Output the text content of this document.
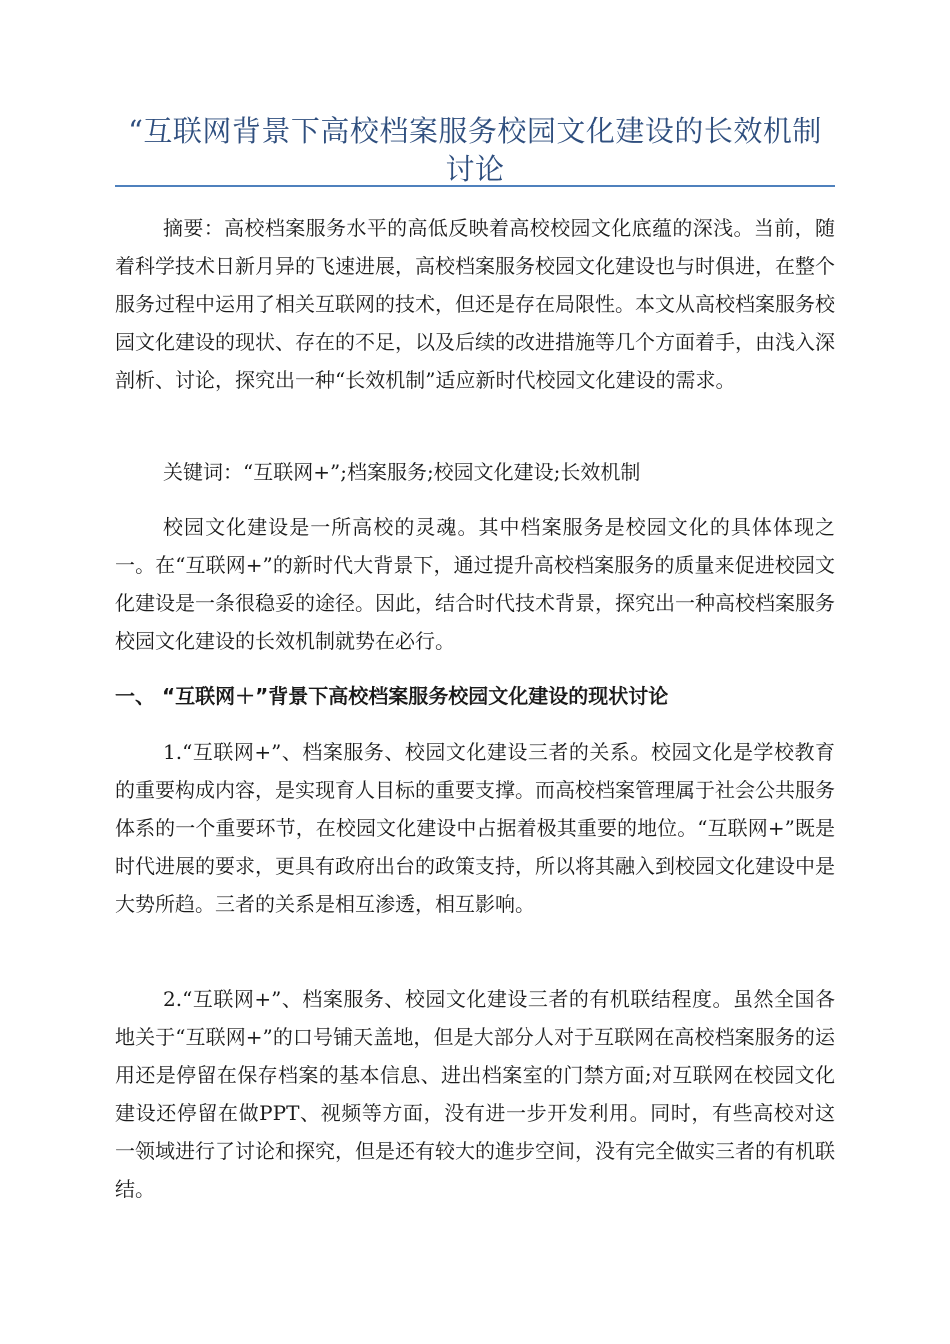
“互联网背景下高校档案服务校园文化建设的长效机制讨论

摘要：高校档案服务水平的高低反映着高校校园文化底蕴的深浅。当前，随着科学技术日新月异的飞速进展，高校档案服务校园文化建设也与时俱进，在整个服务过程中运用了相关互联网的技术，但还是存在局限性。本文从高校档案服务校园文化建设的现状、存在的不足，以及后续的改进措施等几个方面着手，由浅入深剖析、讨论，探究出一种“长效机制”适应新时代校园文化建设的需求。

关键词：“互联网+”;档案服务;校园文化建设;长效机制

校园文化建设是一所高校的灵魂。其中档案服务是校园文化的具体体现之一。在“互联网+”的新时代大背景下，通过提升高校档案服务的质量来促进校园文化建设是一条很稳妥的途径。因此，结合时代技术背景，探究出一种高校档案服务校园文化建设的长效机制就势在必行。

一、 “互联网＋”背景下高校档案服务校园文化建设的现状讨论

1.“互联网+”、档案服务、校园文化建设三者的关系。校园文化是学校教育的重要构成内容，是实现育人目标的重要支撑。而高校档案管理属于社会公共服务体系的一个重要环节，在校园文化建设中占据着极其重要的地位。“互联网+”既是时代进展的要求，更具有政府出台的政策支持，所以将其融入到校园文化建设中是大势所趋。三者的关系是相互渗透，相互影响。

2.“互联网+”、档案服务、校园文化建设三者的有机联结程度。虽然全国各地关于“互联网+”的口号铺天盖地，但是大部分人对于互联网在高校档案服务的运用还是停留在保存档案的基本信息、进出档案室的门禁方面;对互联网在校园文化建设还停留在做PPT、视频等方面，没有进一步开发利用。同时，有些高校对这一领域进行了讨论和探究，但是还有较大的進步空间，没有完全做实三者的有机联结。
